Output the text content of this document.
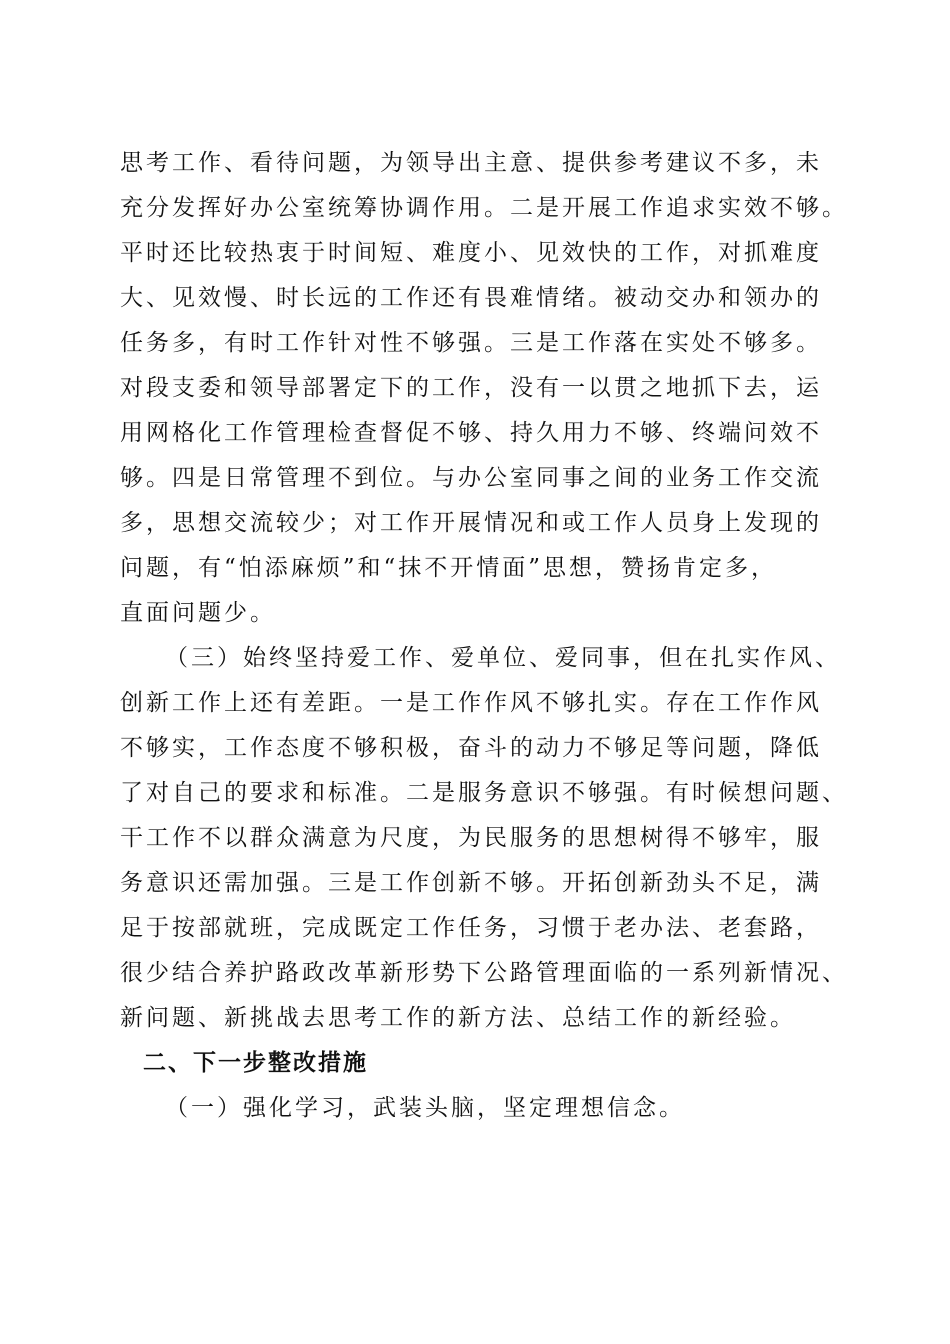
思考工作、看待问题，为领导出主意、提供参考建议不多，未
充分发挥好办公室统筹协调作用。二是开展工作追求实效不够。
平时还比较热衷于时间短、难度小、见效快的工作，对抓难度
大、见效慢、时长远的工作还有畏难情绪。被动交办和领办的
任务多，有时工作针对性不够强。三是工作落在实处不够多。
对段支委和领导部署定下的工作，没有一以贯之地抓下去，运
用网格化工作管理检查督促不够、持久用力不够、终端问效不
够。四是日常管理不到位。与办公室同事之间的业务工作交流
多，思想交流较少；对工作开展情况和或工作人员身上发现的
问题，有“怕添麻烦”和“抹不开情面”思想，赞扬肯定多，
直面问题少。
（三）始终坚持爱工作、爱单位、爱同事，但在扎实作风、
创新工作上还有差距。一是工作作风不够扎实。存在工作作风
不够实，工作态度不够积极，奋斗的动力不够足等问题，降低
了对自己的要求和标准。二是服务意识不够强。有时候想问题、
干工作不以群众满意为尺度，为民服务的思想树得不够牢，服
务意识还需加强。三是工作创新不够。开拓创新劲头不足，满
足于按部就班，完成既定工作任务，习惯于老办法、老套路，
很少结合养护路政改革新形势下公路管理面临的一系列新情况、
新问题、新挑战去思考工作的新方法、总结工作的新经验。
二、下一步整改措施
（一）强化学习，武装头脑，坚定理想信念。
